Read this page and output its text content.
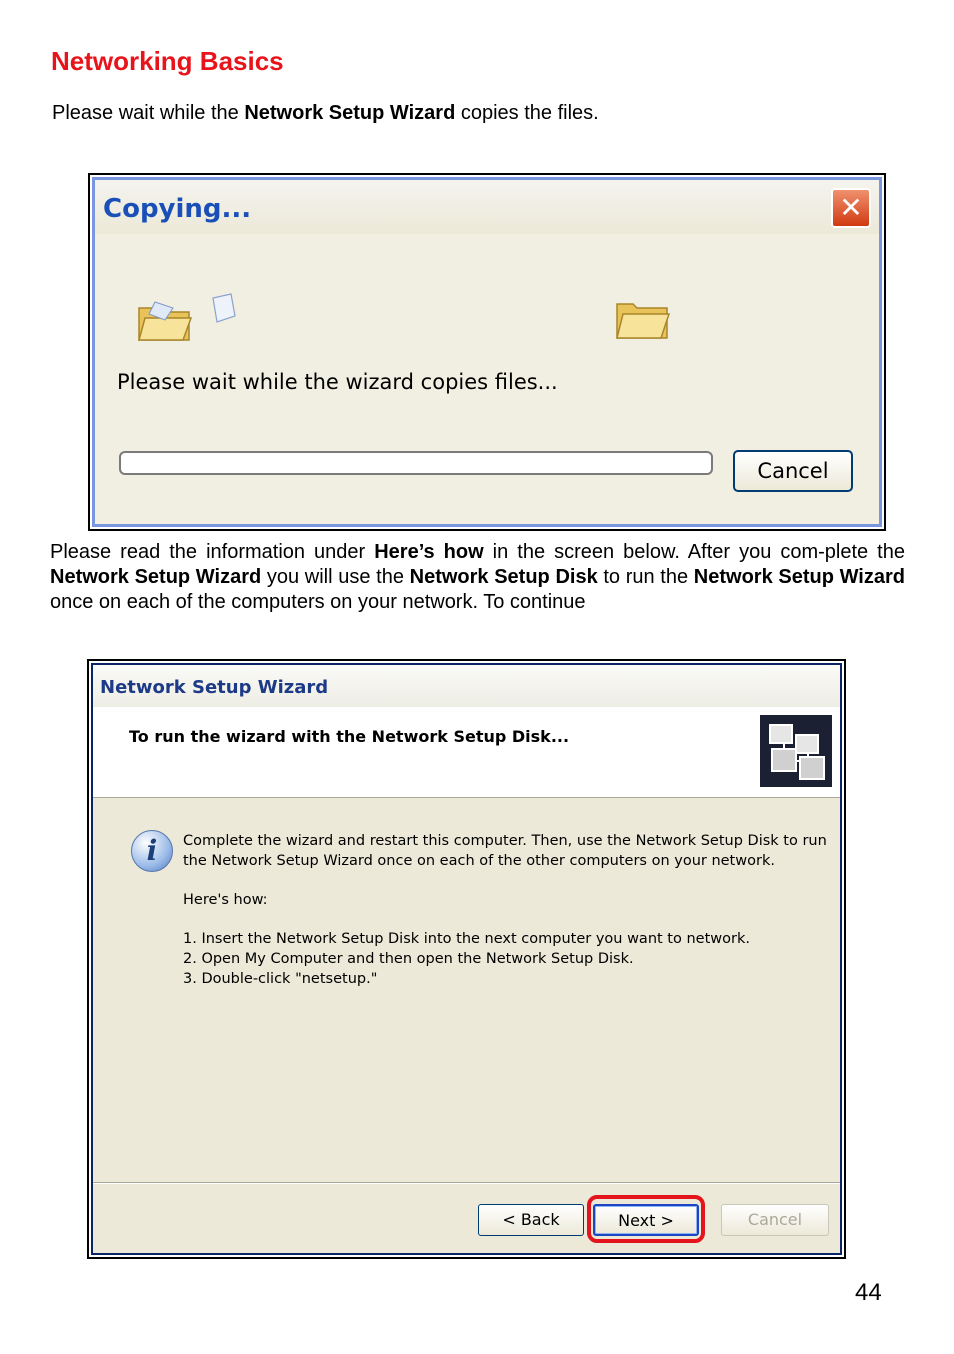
Networking Basics
Please wait while the Network Setup Wizard copies the files.
Copying...	✕
Please wait while the wizard copies files...
Cancel
Please read the information under Here’s how in the screen below. After you com-plete the Network Setup Wizard you will use the Network Setup Disk to run the Network Setup Wizard once on each of the computers on your network. To continue
Network Setup Wizard
To run the wizard with the Network Setup Disk...
i	Complete the wizard and restart this computer. Then, use the Network Setup Disk to run
the Network Setup Wizard once on each of the other computers on your network.
Here's how:
1. Insert the Network Setup Disk into the next computer you want to network.
2. Open My Computer and then open the Network Setup Disk.
3. Double-click "netsetup."
< Back	Next >	Cancel
44
